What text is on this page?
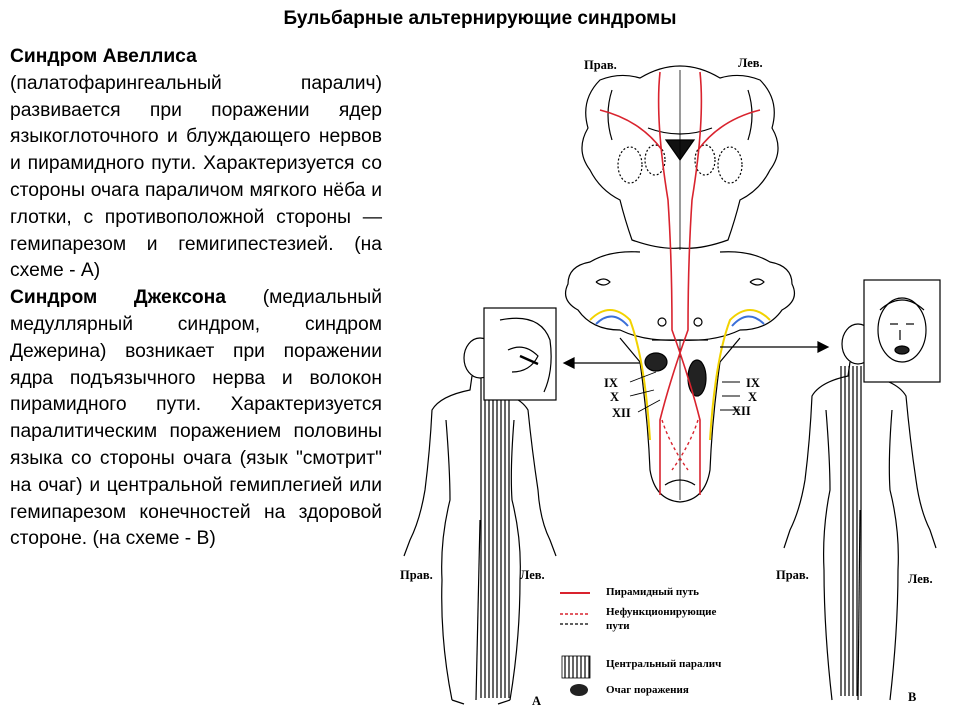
Бульбарные альтернирующие синдромы

Синдром Авеллиса
(палатофарингеальный паралич) развивается при поражении ядер языкоглоточного и блуждающего нервов и пирамидного пути. Характеризуется со стороны очага параличом мягкого нёба и глотки, с противоположной стороны — гемипарезом и гемигипестезией. (на схеме - А)

Синдром Джексона (медиальный медуллярный синдром, синдром Дежерина) возникает при поражении ядра подъязычного нерва и волокон пирамидного пути. Характеризуется паралитическим поражением половины языка со стороны очага (язык "смотрит" на очаг) и центральной гемиплегией или гемипарезом конечностей на здоровой стороне. (на схеме - В)

Прав.	Лев.
IX
X
XII
IX
X
XII
Прав.	Лев.
А
Прав.	Лев.
В
Пирамидный путь
Нефункционирующие
пути
Центральный паралич
Очаг поражения
